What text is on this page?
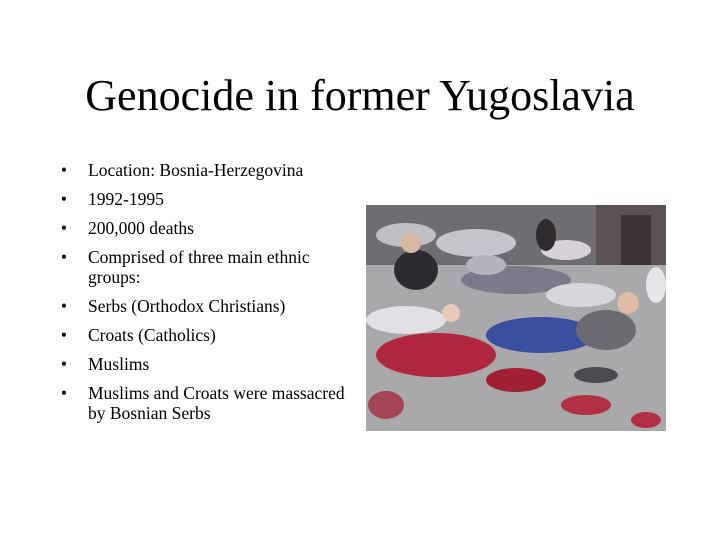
Genocide in former Yugoslavia
• Location: Bosnia-Herzegovina
• 1992-1995
• 200,000 deaths
• Comprised of three main ethnic groups:
• Serbs (Orthodox Christians)
• Croats (Catholics)
• Muslims
• Muslims and Croats were massacred by Bosnian Serbs
